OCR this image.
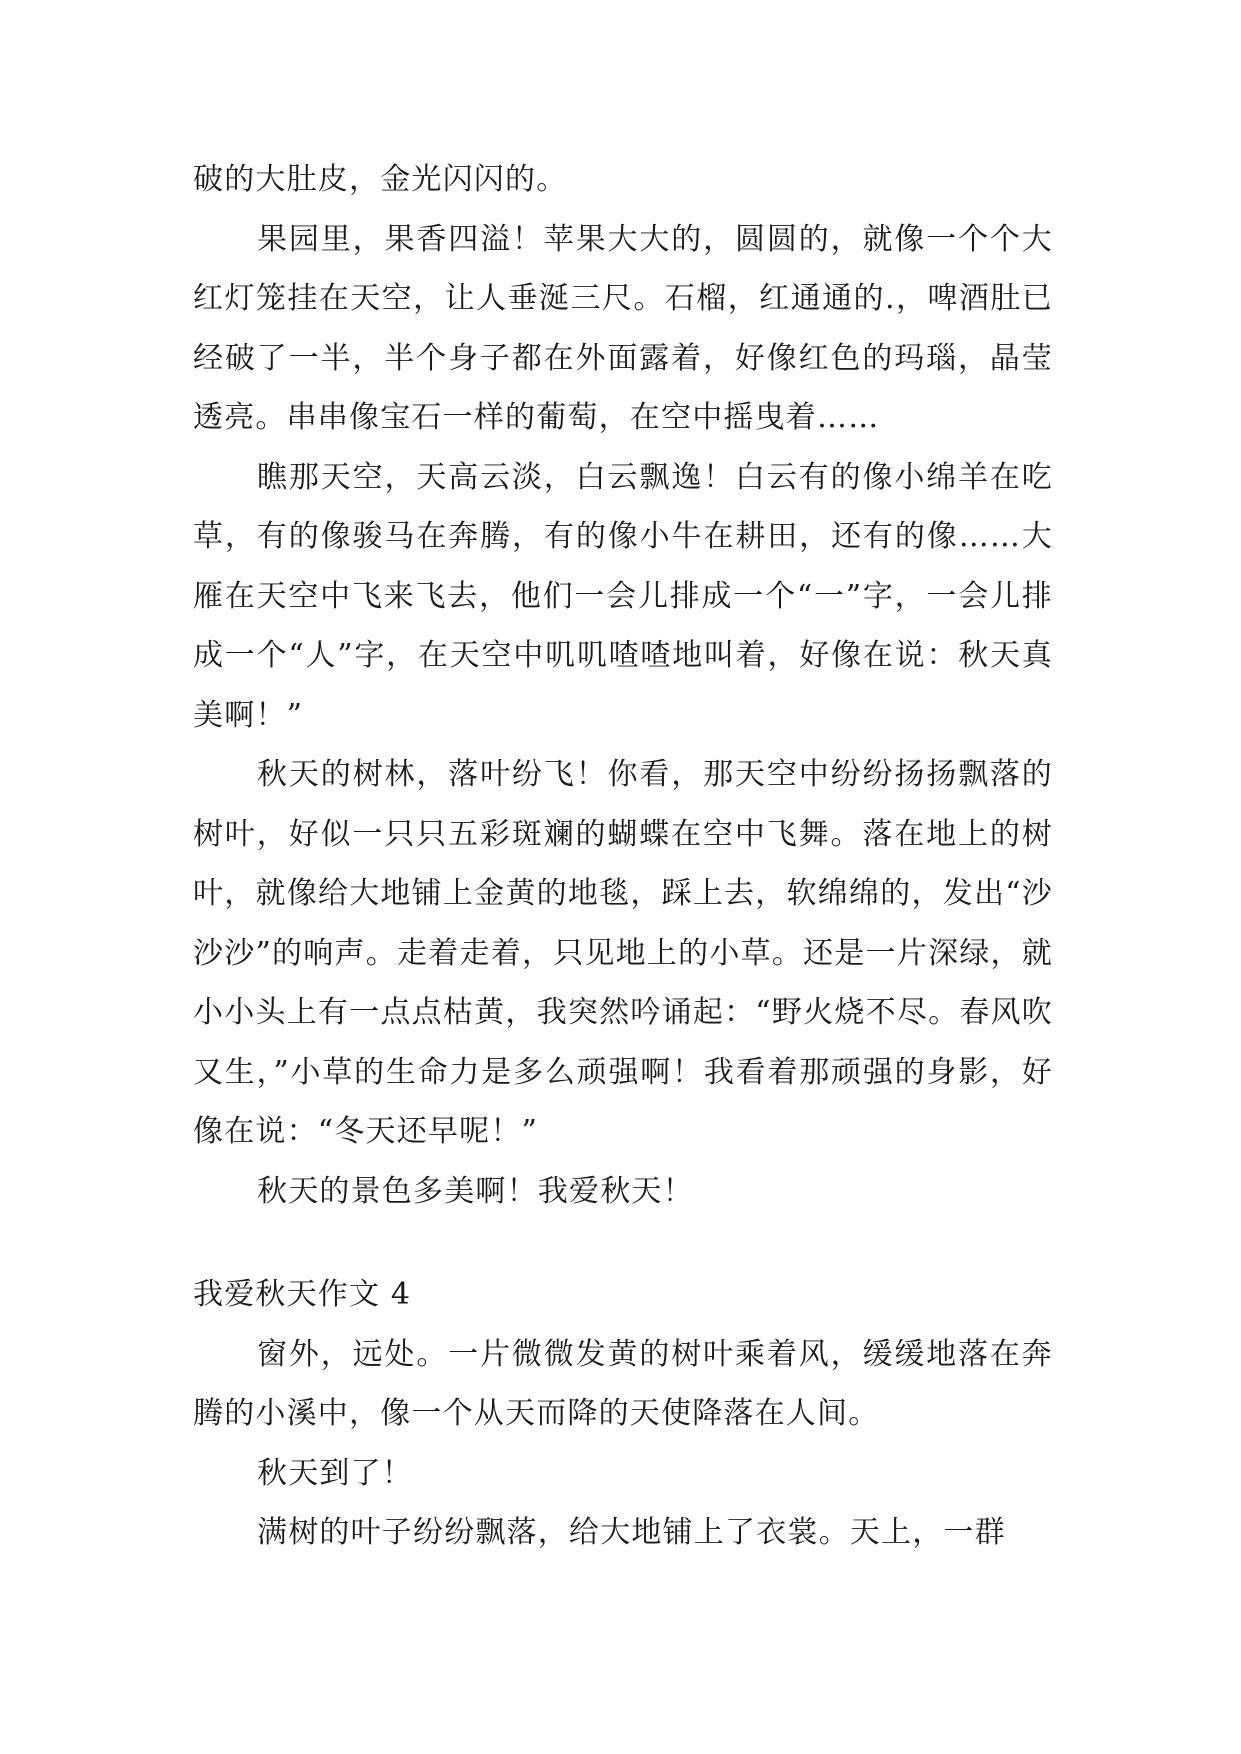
破的大肚皮，金光闪闪的。

果园里，果香四溢！苹果大大的，圆圆的，就像一个个大红灯笼挂在天空，让人垂涎三尺。石榴，红通通的.，啤酒肚已经破了一半，半个身子都在外面露着，好像红色的玛瑙，晶莹透亮。串串像宝石一样的葡萄，在空中摇曳着……

瞧那天空，天高云淡，白云飘逸！白云有的像小绵羊在吃草，有的像骏马在奔腾，有的像小牛在耕田，还有的像……大雁在天空中飞来飞去，他们一会儿排成一个“一”字，一会儿排成一个“人”字，在天空中叽叽喳喳地叫着，好像在说：秋天真美啊！”

秋天的树林，落叶纷飞！你看，那天空中纷纷扬扬飘落的树叶，好似一只只五彩斑斓的蝴蝶在空中飞舞。落在地上的树叶，就像给大地铺上金黄的地毯，踩上去，软绵绵的，发出“沙沙沙”的响声。走着走着，只见地上的小草。还是一片深绿，就小小头上有一点点枯黄，我突然吟诵起：“野火烧不尽。春风吹又生，”小草的生命力是多么顽强啊！我看着那顽强的身影，好像在说：“冬天还早呢！”

秋天的景色多美啊！我爱秋天！

我爱秋天作文 4

窗外，远处。一片微微发黄的树叶乘着风，缓缓地落在奔腾的小溪中，像一个从天而降的天使降落在人间。

秋天到了！

满树的叶子纷纷飘落，给大地铺上了衣裳。天上，一群
